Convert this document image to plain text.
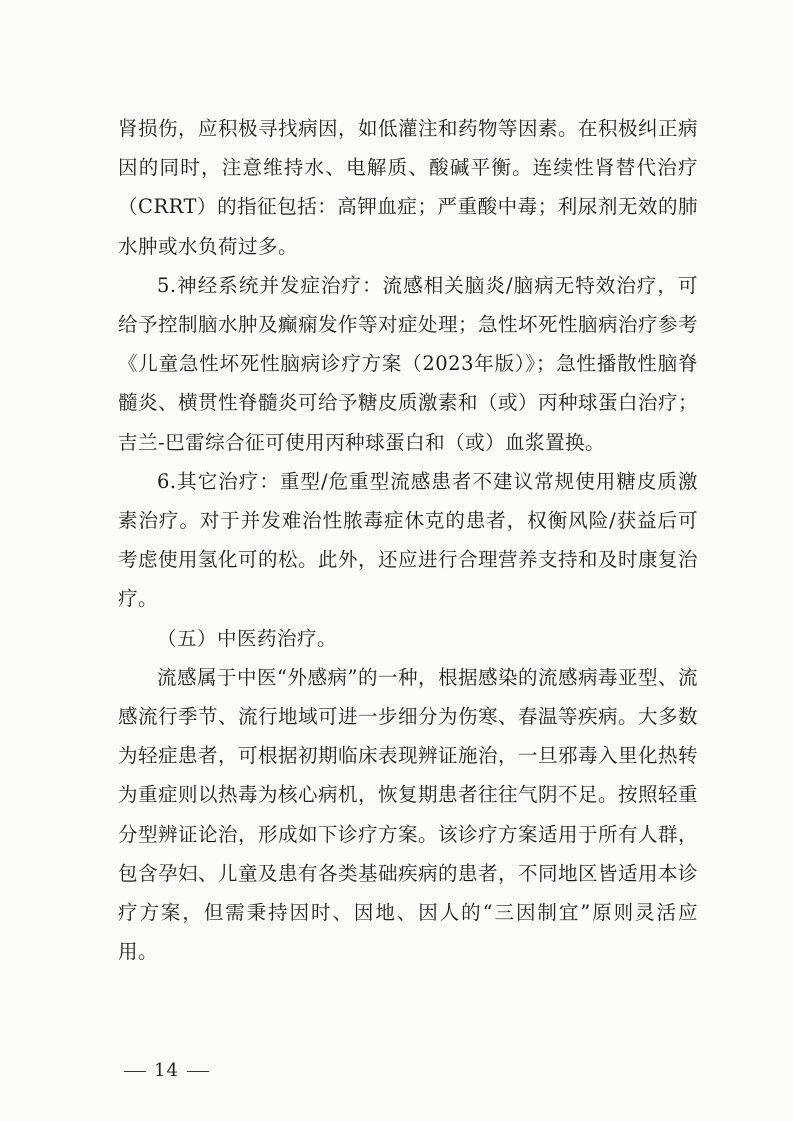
肾损伤，应积极寻找病因，如低灌注和药物等因素。在积极纠正病因的同时，注意维持水、电解质、酸碱平衡。连续性肾替代治疗（CRRT）的指征包括：高钾血症；严重酸中毒；利尿剂无效的肺水肿或水负荷过多。

5.神经系统并发症治疗：流感相关脑炎/脑病无特效治疗，可给予控制脑水肿及癫痫发作等对症处理；急性坏死性脑病治疗参考《儿童急性坏死性脑病诊疗方案（2023年版）》；急性播散性脑脊髓炎、横贯性脊髓炎可给予糖皮质激素和（或）丙种球蛋白治疗；吉兰-巴雷综合征可使用丙种球蛋白和（或）血浆置换。

6.其它治疗：重型/危重型流感患者不建议常规使用糖皮质激素治疗。对于并发难治性脓毒症休克的患者，权衡风险/获益后可考虑使用氢化可的松。此外，还应进行合理营养支持和及时康复治疗。

（五）中医药治疗。

流感属于中医“外感病”的一种，根据感染的流感病毒亚型、流感流行季节、流行地域可进一步细分为伤寒、春温等疾病。大多数为轻症患者，可根据初期临床表现辨证施治，一旦邪毒入里化热转为重症则以热毒为核心病机，恢复期患者往往气阴不足。按照轻重分型辨证论治，形成如下诊疗方案。该诊疗方案适用于所有人群，包含孕妇、儿童及患有各类基础疾病的患者，不同地区皆适用本诊疗方案，但需秉持因时、因地、因人的“三因制宜”原则灵活应用。

14
